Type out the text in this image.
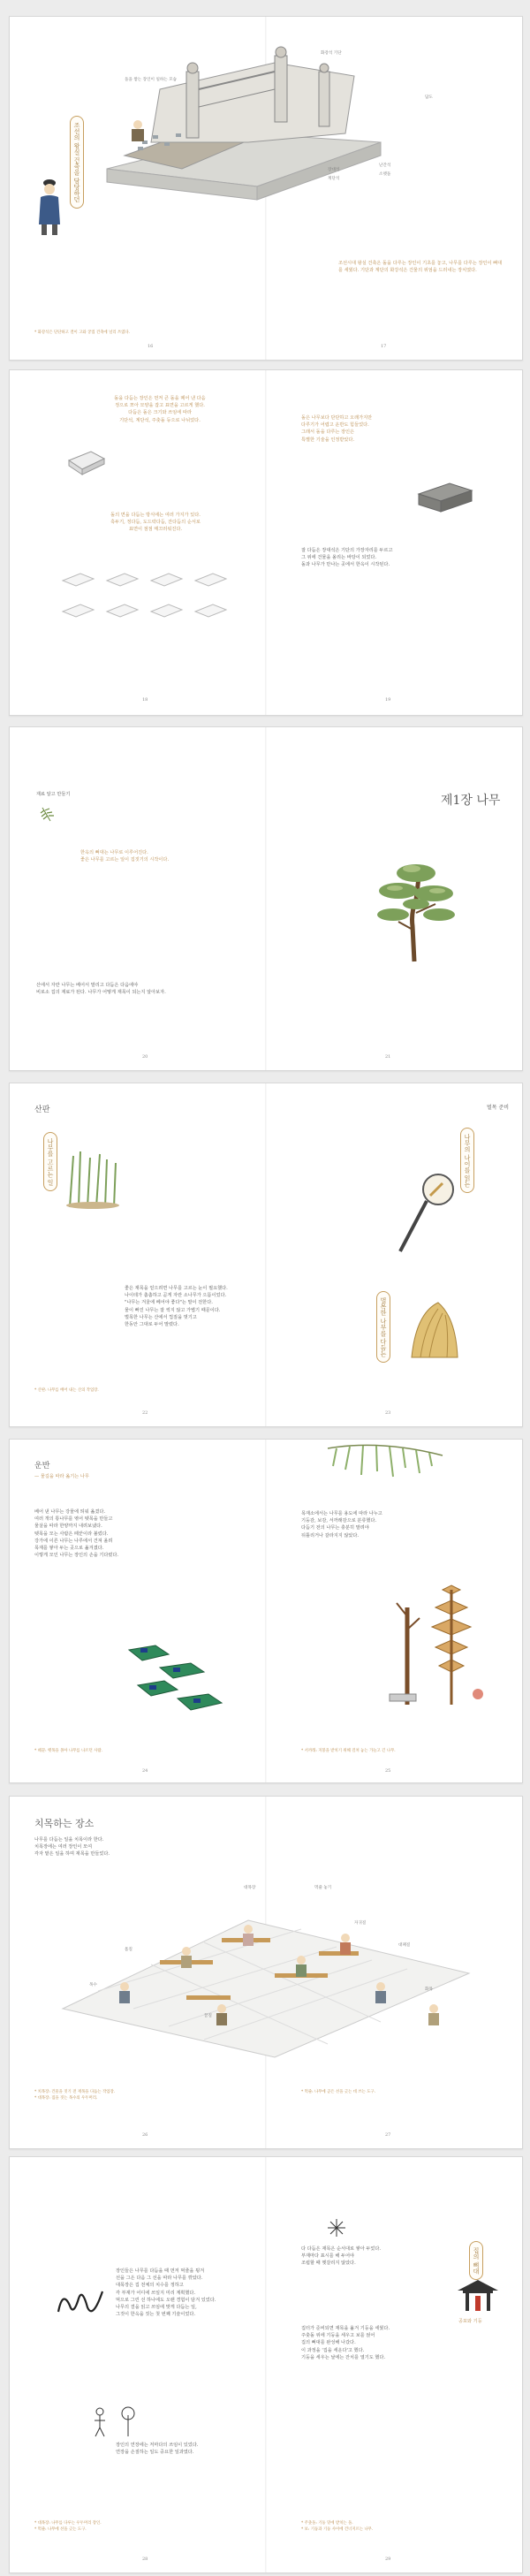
조선의 왕실 건축을 담당하던
돌을 쌓는 장인이 일하는 모습
화강석 기단
장대석
계단석
난간석
소맷돌
답도
조선시대 왕실 건축은 돌을 다루는 장인이 기초를 놓고, 나무를 다루는 장인이 뼈대를 세웠다. 기단과 계단의 화강석은 건물의 위엄을 드러내는 장치였다.
* 화강석은 단단하고 결이 고와 궁궐 건축에 널리 쓰였다.
16	17
돌을 다듬는 장인은 먼저 큰 돌을 떼어 낸 다음
정으로 쪼아 모양을 잡고 표면을 고르게 했다.
다듬은 돌은 크기와 쓰임에 따라
기단석, 계단석, 주춧돌 등으로 나뉘었다.
돌의 면을 다듬는 방식에는 여러 가지가 있다.
혹두기, 정다듬, 도드락다듬, 잔다듬의 순서로
표면이 점점 매끄러워진다.
돌은 나무보다 단단하고 오래가지만
다루기가 어렵고 운반도 힘들었다.
그래서 돌을 다루는 장인은
특별한 기술을 인정받았다.
잘 다듬은 장대석은 기단의 가장자리를 두르고
그 위에 건물을 올리는 바탕이 되었다.
돌과 나무가 만나는 곳에서 한옥이 시작된다.
18	19
재료 알고 만들기
한옥의 뼈대는 나무로 이루어진다.
좋은 나무를 고르는 일이 집짓기의 시작이다.
산에서 자란 나무는 베어서 말리고 다듬은 다음에야
비로소 집의 재료가 된다. 나무가 어떻게 재목이 되는지 알아보자.
제1장 나무
20	21
산판
나무를 고르는 일
벌목 준비
나무의 나이를 읽는
벌목한 나무를 다듬는
좋은 재목을 얻으려면 나무를 고르는 눈이 필요했다.
나이테가 촘촘하고 곧게 자란 소나무가 으뜸이었다.
"나무는 겨울에 베어야 좋다"는 말이 전한다.
물이 빠진 나무는 잘 썩지 않고 가볍기 때문이다.
벌목한 나무는 산에서 껍질을 벗기고
한동안 그대로 두어 말렸다.
* 산판: 나무를 베어 내는 산의 작업장.
22	23
운반
— 물길을 따라 옮기는 나무
베어 낸 나무는 강물에 띄워 옮겼다.
여러 개의 통나무를 엮어 뗏목을 만들고
물살을 따라 한양까지 내려보냈다.
뗏목을 모는 사람은 떼꾼이라 불렀다.
강가에 이른 나무는 나루에서 건져 올려
목재를 쌓아 두는 곳으로 옮겨졌다.
이렇게 모인 나무는 장인의 손을 기다렸다.
* 떼꾼: 뗏목을 몰아 나무를 나르던 사람.
목재소에서는 나무를 용도에 따라 나누고
기둥감, 보감, 서까래감으로 분류했다.
다듬기 전의 나무는 충분히 말려야
뒤틀리거나 갈라지지 않았다.
* 서까래: 지붕을 받치기 위해 걸쳐 놓는 가늘고 긴 나무.
24	25
치목하는 장소
나무를 다듬는 일을 치목이라 한다.
치목장에는 여러 장인이 모여
각자 맡은 일을 하며 재목을 만들었다.
대목장	먹줄 놓기
자귀질
대패질
톱질
끌질
목수
화목
* 치목장: 건물을 짓기 전 재목을 다듬는 작업장.
* 대목장: 집을 짓는 목수의 우두머리.
* 먹줄: 나무에 곧은 선을 긋는 데 쓰는 도구.
26	27
장인들은 나무를 다듬을 때 먼저 먹줄을 튕겨
선을 그은 다음 그 선을 따라 나무를 깎았다.
대목장은 집 전체의 치수를 정하고
각 부재가 어디에 쓰일지 미리 계획했다.
먹으로 그린 선 하나에도 오랜 경험이 담겨 있었다.
나무의 결을 읽고 쓰임에 맞게 다듬는 일,
그것이 한옥을 짓는 첫 번째 기술이었다.
장인의 연장에는 저마다의 쓰임이 있었다.
연장을 손질하는 일도 중요한 일과였다.
* 대목장: 나무를 다루는 우두머리 장인.
* 먹줄: 나무에 선을 긋는 도구.
다 다듬은 재목은 순서대로 쌓아 두었다.
부재마다 표시를 해 두어야
조립할 때 헷갈리지 않았다.	집의 뼈대
공포와 기둥
집터가 준비되면 재목을 옮겨 기둥을 세웠다.
주춧돌 위에 기둥을 세우고 보를 얹어
집의 뼈대를 완성해 나갔다.
이 과정을 '집을 세운다'고 했다.
기둥을 세우는 날에는 잔치를 열기도 했다.
* 주춧돌: 기둥 밑에 받치는 돌.
* 보: 기둥과 기둥 사이에 건너지르는 나무.
28	29
